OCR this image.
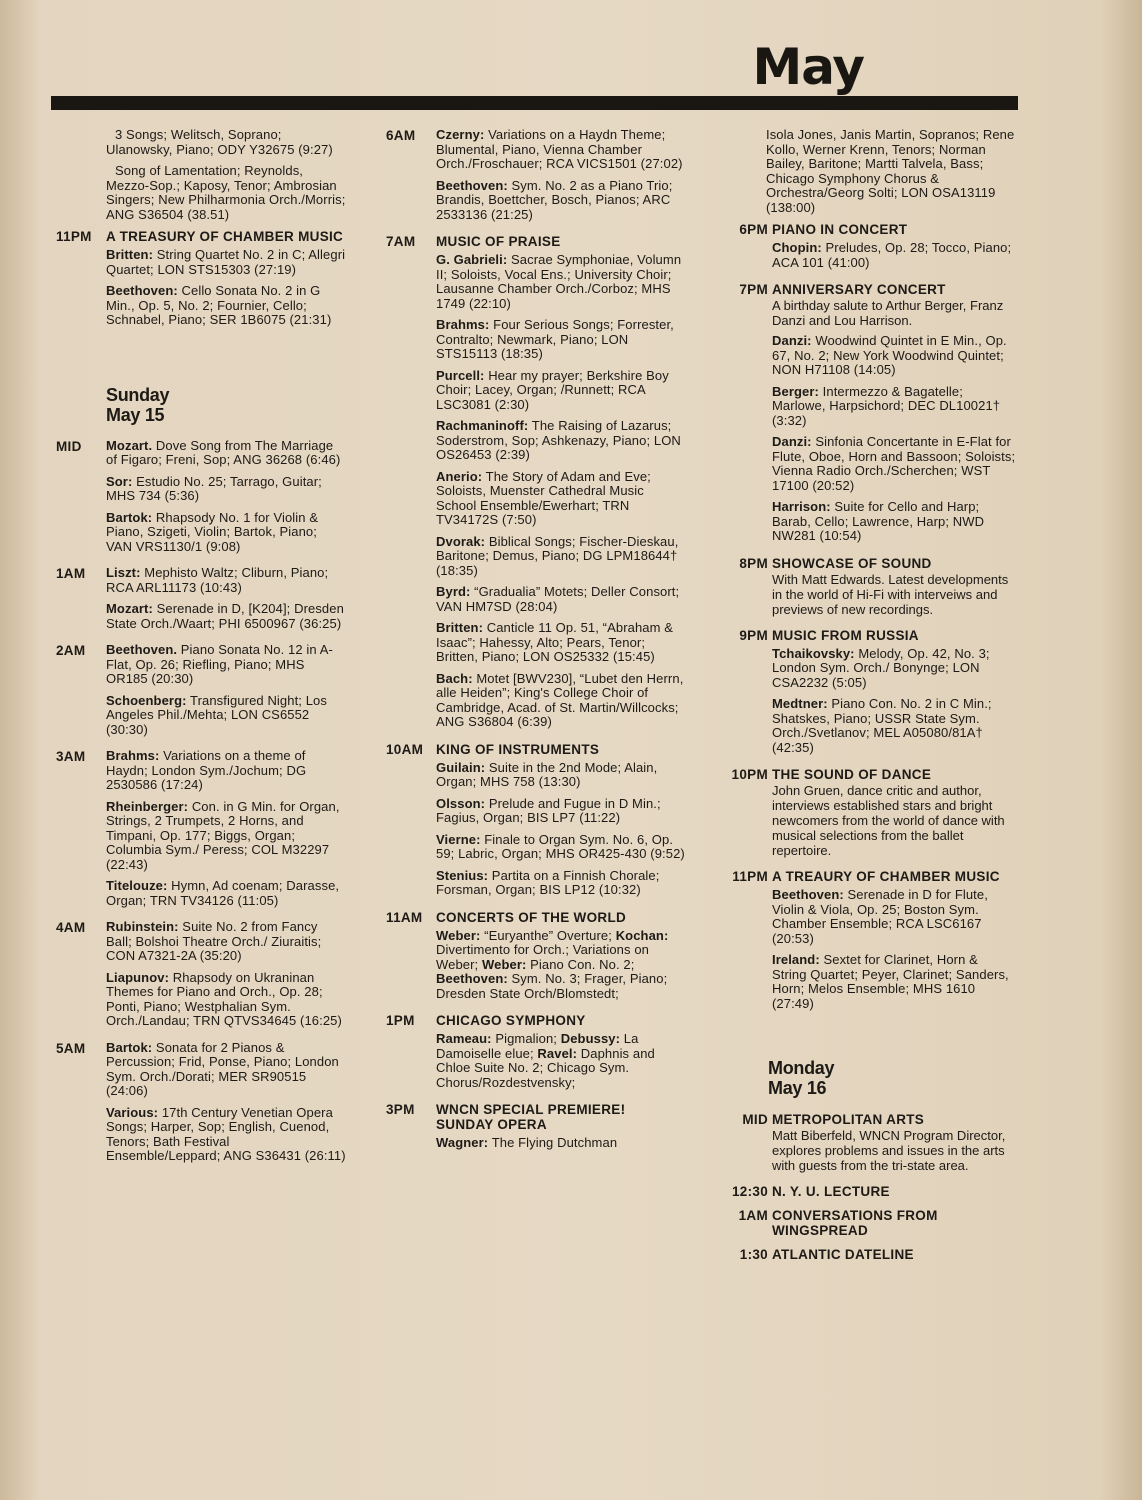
May
3 Songs; Welitsch, Soprano; Ulanowsky, Piano; ODY Y32675 (9:27)
Song of Lamentation; Reynolds, Mezzo-Sop.; Kaposy, Tenor; Ambrosian Singers; New Philharmonia Orch./Morris; ANG S36504 (38.51)
11PM	A TREASURY OF CHAMBER MUSIC
Britten: String Quartet No. 2 in C; Allegri Quartet; LON STS15303 (27:19)
Beethoven: Cello Sonata No. 2 in G Min., Op. 5, No. 2; Fournier, Cello; Schnabel, Piano; SER 1B6075 (21:31)
Sunday
May 15
MID	Mozart. Dove Song from The Marriage of Figaro; Freni, Sop; ANG 36268 (6:46)
Sor: Estudio No. 25; Tarrago, Guitar; MHS 734 (5:36)
Bartok: Rhapsody No. 1 for Violin & Piano, Szigeti, Violin; Bartok, Piano; VAN VRS1130/1 (9:08)
1AM	Liszt: Mephisto Waltz; Cliburn, Piano; RCA ARL11173 (10:43)
Mozart: Serenade in D, [K204]; Dresden State Orch./Waart; PHI 6500967 (36:25)
2AM	Beethoven. Piano Sonata No. 12 in A-Flat, Op. 26; Riefling, Piano; MHS OR185 (20:30)
Schoenberg: Transfigured Night; Los Angeles Phil./Mehta; LON CS6552 (30:30)
3AM	Brahms: Variations on a theme of Haydn; London Sym./Jochum; DG 2530586 (17:24)
Rheinberger: Con. in G Min. for Organ, Strings, 2 Trumpets, 2 Horns, and Timpani, Op. 177; Biggs, Organ; Columbia Sym./ Peress; COL M32297 (22:43)
Titelouze: Hymn, Ad coenam; Darasse, Organ; TRN TV34126 (11:05)
4AM	Rubinstein: Suite No. 2 from Fancy Ball; Bolshoi Theatre Orch./ Ziuraitis; CON A7321-2A (35:20)
Liapunov: Rhapsody on Ukraninan Themes for Piano and Orch., Op. 28; Ponti, Piano; Westphalian Sym. Orch./Landau; TRN QTVS34645 (16:25)
5AM	Bartok: Sonata for 2 Pianos & Percussion; Frid, Ponse, Piano; London Sym. Orch./Dorati; MER SR90515 (24:06)
Various: 17th Century Venetian Opera Songs; Harper, Sop; English, Cuenod, Tenors; Bath Festival Ensemble/Leppard; ANG S36431 (26:11)
6AM	Czerny: Variations on a Haydn Theme; Blumental, Piano, Vienna Chamber Orch./Froschauer; RCA VICS1501 (27:02)
Beethoven: Sym. No. 2 as a Piano Trio; Brandis, Boettcher, Bosch, Pianos; ARC 2533136 (21:25)
7AM	MUSIC OF PRAISE
G. Gabrieli: Sacrae Symphoniae, Volumn II; Soloists, Vocal Ens.; University Choir; Lausanne Chamber Orch./Corboz; MHS 1749 (22:10)
Brahms: Four Serious Songs; Forrester, Contralto; Newmark, Piano; LON STS15113 (18:35)
Purcell: Hear my prayer; Berkshire Boy Choir; Lacey, Organ; /Runnett; RCA LSC3081 (2:30)
Rachmaninoff: The Raising of Lazarus; Soderstrom, Sop; Ashkenazy, Piano; LON OS26453 (2:39)
Anerio: The Story of Adam and Eve; Soloists, Muenster Cathedral Music School Ensemble/Ewerhart; TRN TV34172S (7:50)
Dvorak: Biblical Songs; Fischer-Dieskau, Baritone; Demus, Piano; DG LPM18644† (18:35)
Byrd: “Gradualia” Motets; Deller Consort; VAN HM7SD (28:04)
Britten: Canticle 11 Op. 51, “Abraham & Isaac”; Hahessy, Alto; Pears, Tenor; Britten, Piano; LON OS25332 (15:45)
Bach: Motet [BWV230], “Lubet den Herrn, alle Heiden”; King's College Choir of Cambridge, Acad. of St. Martin/Willcocks; ANG S36804 (6:39)
10AM KING OF INSTRUMENTS
Guilain: Suite in the 2nd Mode; Alain, Organ; MHS 758 (13:30)
Olsson: Prelude and Fugue in D Min.; Fagius, Organ; BIS LP7 (11:22)
Vierne: Finale to Organ Sym. No. 6, Op. 59; Labric, Organ; MHS OR425-430 (9:52)
Stenius: Partita on a Finnish Chorale; Forsman, Organ; BIS LP12 (10:32)
11AM	CONCERTS OF THE WORLD
Weber: “Euryanthe” Overture; Kochan: Divertimento for Orch.; Variations on Weber; Weber: Piano Con. No. 2; Beethoven: Sym. No. 3; Frager, Piano; Dresden State Orch/Blomstedt;
1PM	CHICAGO SYMPHONY
Rameau: Pigmalion; Debussy: La Damoiselle elue; Ravel: Daphnis and Chloe Suite No. 2; Chicago Sym. Chorus/Rozdestvensky;
3PM	WNCN SPECIAL PREMIERE! SUNDAY OPERA
Wagner: The Flying Dutchman
Isola Jones, Janis Martin, Sopranos; Rene Kollo, Werner Krenn, Tenors; Norman Bailey, Baritone; Martti Talvela, Bass; Chicago Symphony Chorus & Orchestra/Georg Solti; LON OSA13119 (138:00)
6PM PIANO IN CONCERT
Chopin: Preludes, Op. 28; Tocco, Piano; ACA 101 (41:00)
7PM ANNIVERSARY CONCERT
A birthday salute to Arthur Berger, Franz Danzi and Lou Harrison.
Danzi: Woodwind Quintet in E Min., Op. 67, No. 2; New York Woodwind Quintet; NON H71108 (14:05)
Berger: Intermezzo & Bagatelle; Marlowe, Harpsichord; DEC DL10021† (3:32)
Danzi: Sinfonia Concertante in E-Flat for Flute, Oboe, Horn and Bassoon; Soloists; Vienna Radio Orch./Scherchen; WST 17100 (20:52)
Harrison: Suite for Cello and Harp; Barab, Cello; Lawrence, Harp; NWD NW281 (10:54)
8PM SHOWCASE OF SOUND
With Matt Edwards. Latest developments in the world of Hi-Fi with interveiws and previews of new recordings.
9PM MUSIC FROM RUSSIA
Tchaikovsky: Melody, Op. 42, No. 3; London Sym. Orch./ Bonynge; LON CSA2232 (5:05)
Medtner: Piano Con. No. 2 in C Min.; Shatskes, Piano; USSR State Sym. Orch./Svetlanov; MEL A05080/81A† (42:35)
10PM THE SOUND OF DANCE
John Gruen, dance critic and author, interviews established stars and bright newcomers from the world of dance with musical selections from the ballet repertoire.
11PM A TREAURY OF CHAMBER MUSIC
Beethoven: Serenade in D for Flute, Violin & Viola, Op. 25; Boston Sym. Chamber Ensemble; RCA LSC6167 (20:53)
Ireland: Sextet for Clarinet, Horn & String Quartet; Peyer, Clarinet; Sanders, Horn; Melos Ensemble; MHS 1610 (27:49)
Monday
May 16
MID METROPOLITAN ARTS
Matt Biberfeld, WNCN Program Director, explores problems and issues in the arts with guests from the tri-state area.
12:30 N. Y. U. LECTURE
1AM CONVERSATIONS FROM WINGSPREAD
1:30 ATLANTIC DATELINE
